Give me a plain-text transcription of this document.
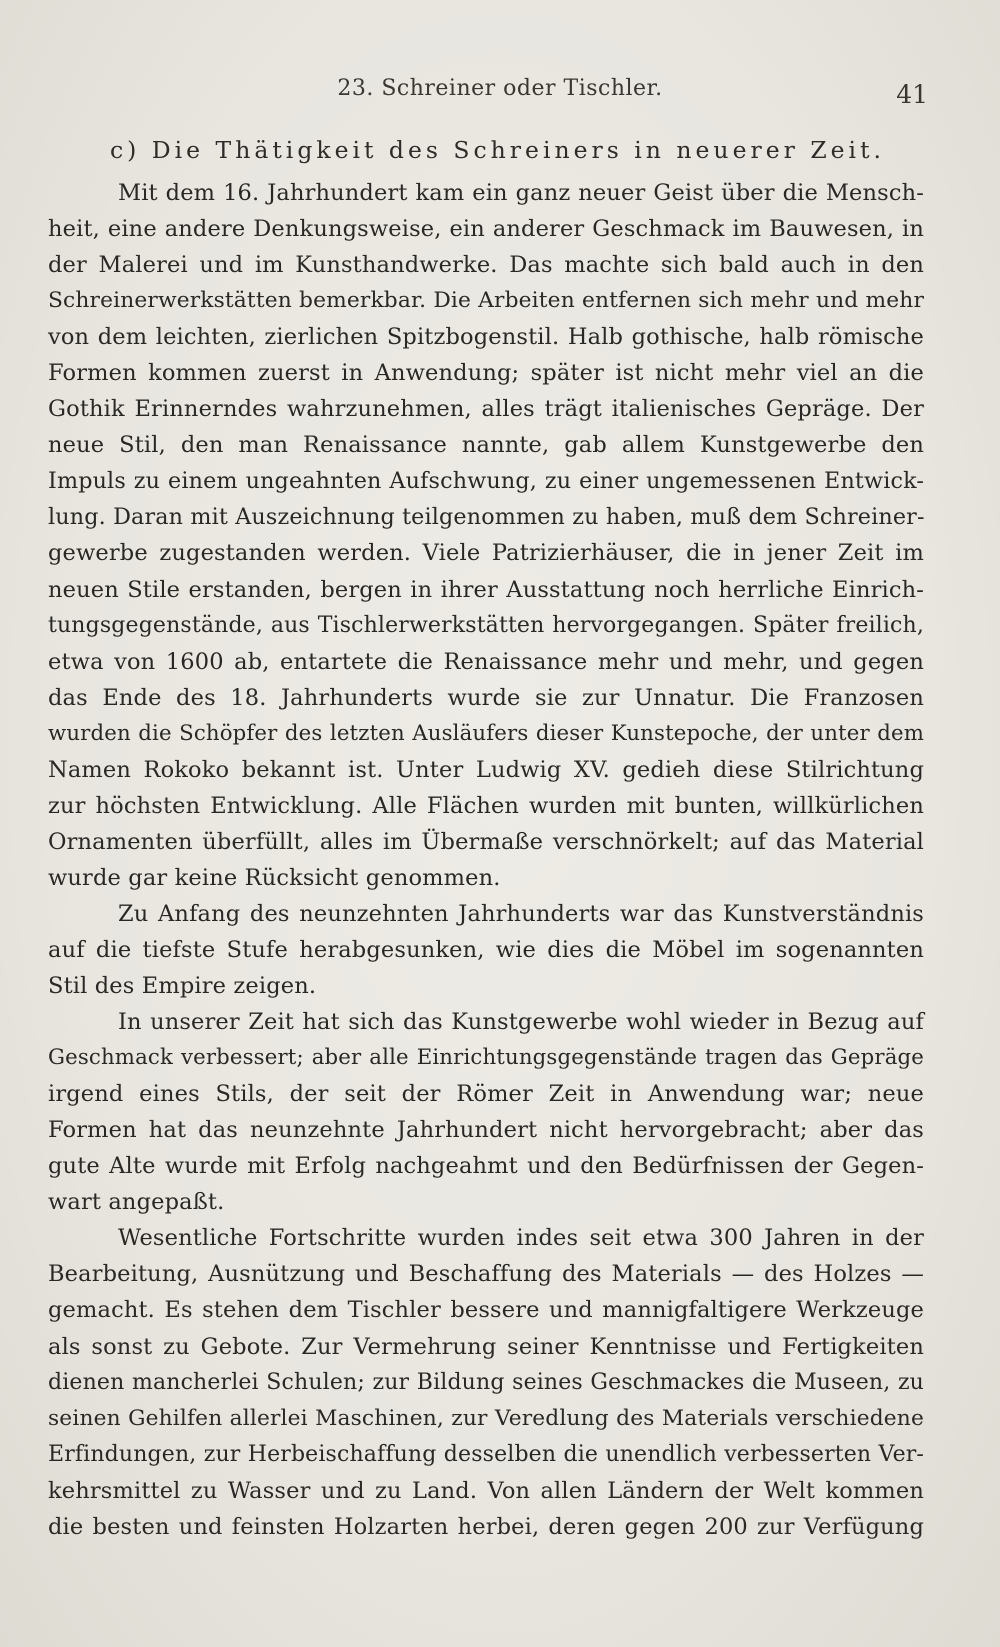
23. Schreiner oder Tischler.	41
c) Die Thätigkeit des Schreiners in neuerer Zeit.
Mit dem 16. Jahrhundert kam ein ganz neuer Geist über die Mensch-
heit, eine andere Denkungsweise, ein anderer Geschmack im Bauwesen, in
der Malerei und im Kunsthandwerke. Das machte sich bald auch in den
Schreinerwerkstätten bemerkbar. Die Arbeiten entfernen sich mehr und mehr
von dem leichten, zierlichen Spitzbogenstil. Halb gothische, halb römische
Formen kommen zuerst in Anwendung; später ist nicht mehr viel an die
Gothik Erinnerndes wahrzunehmen, alles trägt italienisches Gepräge. Der
neue Stil, den man Renaissance nannte, gab allem Kunstgewerbe den
Impuls zu einem ungeahnten Aufschwung, zu einer ungemessenen Entwick-
lung. Daran mit Auszeichnung teilgenommen zu haben, muß dem Schreiner-
gewerbe zugestanden werden. Viele Patrizierhäuser, die in jener Zeit im
neuen Stile erstanden, bergen in ihrer Ausstattung noch herrliche Einrich-
tungsgegenstände, aus Tischlerwerkstätten hervorgegangen. Später freilich,
etwa von 1600 ab, entartete die Renaissance mehr und mehr, und gegen
das Ende des 18. Jahrhunderts wurde sie zur Unnatur. Die Franzosen
wurden die Schöpfer des letzten Ausläufers dieser Kunstepoche, der unter dem
Namen Rokoko bekannt ist. Unter Ludwig XV. gedieh diese Stilrichtung
zur höchsten Entwicklung. Alle Flächen wurden mit bunten, willkürlichen
Ornamenten überfüllt, alles im Übermaße verschnörkelt; auf das Material
wurde gar keine Rücksicht genommen.
Zu Anfang des neunzehnten Jahrhunderts war das Kunstverständnis
auf die tiefste Stufe herabgesunken, wie dies die Möbel im sogenannten
Stil des Empire zeigen.
In unserer Zeit hat sich das Kunstgewerbe wohl wieder in Bezug auf
Geschmack verbessert; aber alle Einrichtungsgegenstände tragen das Gepräge
irgend eines Stils, der seit der Römer Zeit in Anwendung war; neue
Formen hat das neunzehnte Jahrhundert nicht hervorgebracht; aber das
gute Alte wurde mit Erfolg nachgeahmt und den Bedürfnissen der Gegen-
wart angepaßt.
Wesentliche Fortschritte wurden indes seit etwa 300 Jahren in der
Bearbeitung, Ausnützung und Beschaffung des Materials — des Holzes —
gemacht. Es stehen dem Tischler bessere und mannigfaltigere Werkzeuge
als sonst zu Gebote. Zur Vermehrung seiner Kenntnisse und Fertigkeiten
dienen mancherlei Schulen; zur Bildung seines Geschmackes die Museen, zu
seinen Gehilfen allerlei Maschinen, zur Veredlung des Materials verschiedene
Erfindungen, zur Herbeischaffung desselben die unendlich verbesserten Ver-
kehrsmittel zu Wasser und zu Land. Von allen Ländern der Welt kommen
die besten und feinsten Holzarten herbei, deren gegen 200 zur Verfügung
